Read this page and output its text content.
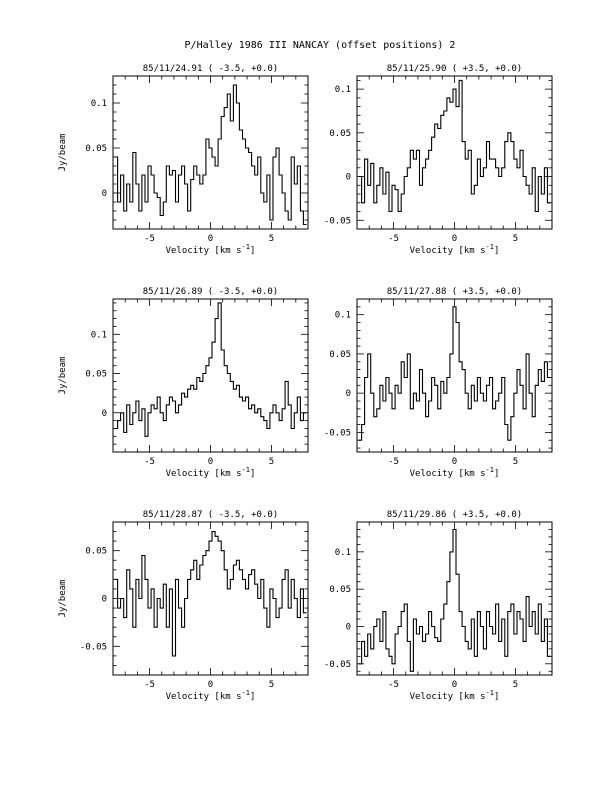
P/Halley 1986 III NANCAY (offset positions) 2
85/11/24.91 ( -3.5, +0.0)
-5	0	5
0
0.05
0.1
Velocity [km $s^{-1}$]
Jy/beam
85/11/25.90 ( +3.5, +0.0)
-5	0	5
-0.05
0
0.05
0.1
Velocity [km $s^{-1}$]
85/11/26.89 ( -3.5, +0.0)
-5	0	5
0
0.05
0.1
Velocity [km $s^{-1}$]
Jy/beam
85/11/27.88 ( +3.5, +0.0)
-5	0	5
-0.05
0
0.05
0.1
Velocity [km $s^{-1}$]
85/11/28.87 ( -3.5, +0.0)
-5	0	5
-0.05
0
0.05
Velocity [km $s^{-1}$]
Jy/beam
85/11/29.86 ( +3.5, +0.0)
-5	0	5
-0.05
0
0.05
0.1
Velocity [km $s^{-1}$]
